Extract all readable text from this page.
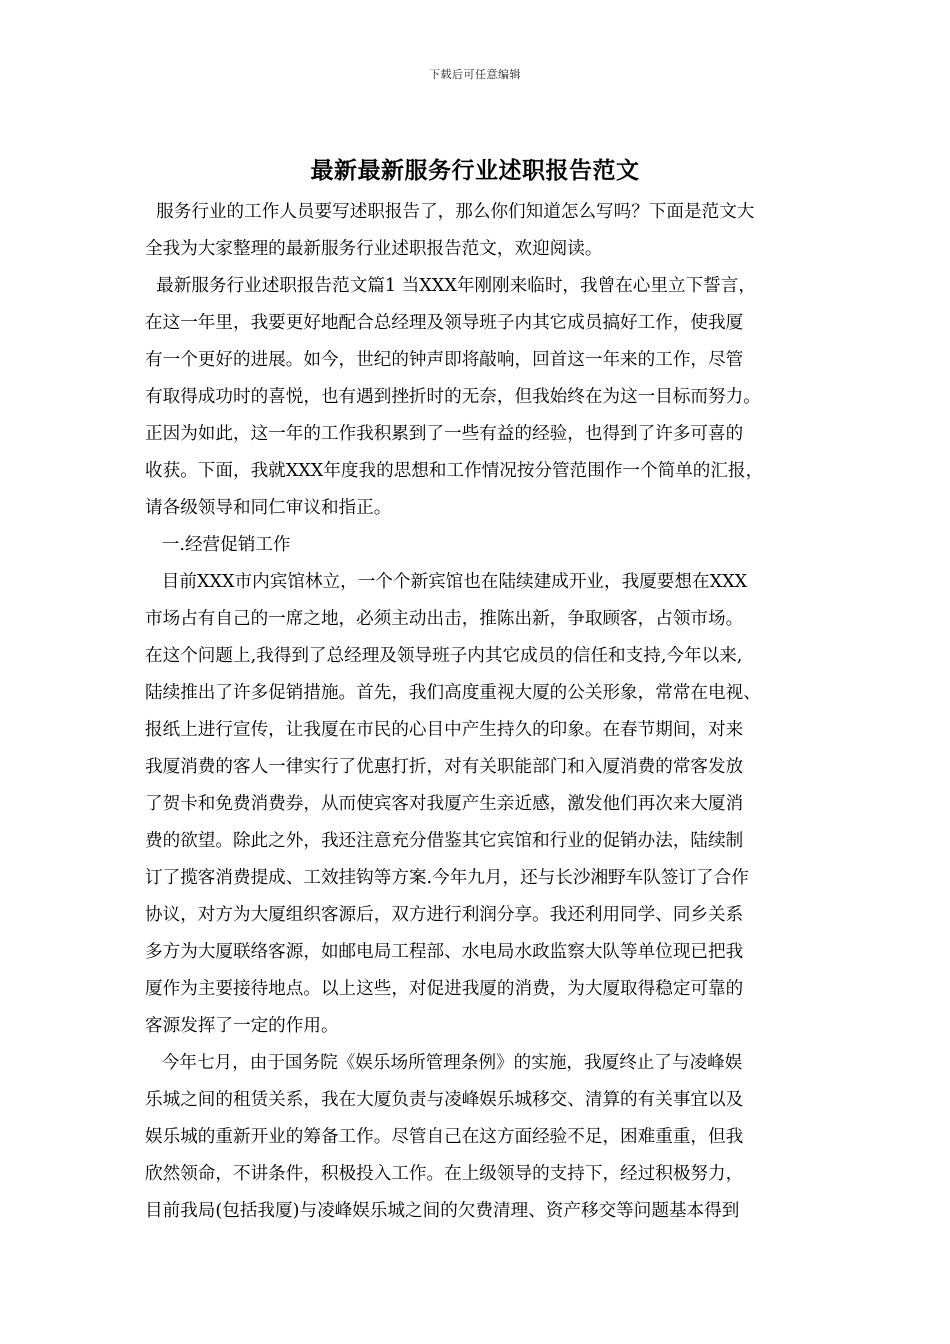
下载后可任意编辑
最新最新服务行业述职报告范文
服务行业的工作人员要写述职报告了，那么你们知道怎么写吗？下面是范文大
全我为大家整理的最新服务行业述职报告范文，欢迎阅读。
最新服务行业述职报告范文篇1 当XXX年刚刚来临时，我曾在心里立下誓言，
在这一年里，我要更好地配合总经理及领导班子内其它成员搞好工作，使我厦
有一个更好的进展。如今，世纪的钟声即将敲响，回首这一年来的工作，尽管
有取得成功时的喜悦，也有遇到挫折时的无奈，但我始终在为这一目标而努力。
正因为如此，这一年的工作我积累到了一些有益的经验，也得到了许多可喜的
收获。下面，我就XXX年度我的思想和工作情况按分管范围作一个简单的汇报，
请各级领导和同仁审议和指正。
一.经营促销工作
目前XXX市内宾馆林立，一个个新宾馆也在陆续建成开业，我厦要想在XXX
市场占有自己的一席之地，必须主动出击，推陈出新，争取顾客，占领市场。
在这个问题上,我得到了总经理及领导班子内其它成员的信任和支持,今年以来,
陆续推出了许多促销措施。首先，我们高度重视大厦的公关形象，常常在电视、
报纸上进行宣传，让我厦在市民的心目中产生持久的印象。在春节期间，对来
我厦消费的客人一律实行了优惠打折，对有关职能部门和入厦消费的常客发放
了贺卡和免费消费券，从而使宾客对我厦产生亲近感，激发他们再次来大厦消
费的欲望。除此之外，我还注意充分借鉴其它宾馆和行业的促销办法，陆续制
订了揽客消费提成、工效挂钩等方案.今年九月，还与长沙湘野车队签订了合作
协议，对方为大厦组织客源后，双方进行利润分享。我还利用同学、同乡关系
多方为大厦联络客源，如邮电局工程部、水电局水政监察大队等单位现已把我
厦作为主要接待地点。以上这些，对促进我厦的消费，为大厦取得稳定可靠的
客源发挥了一定的作用。
今年七月，由于国务院《娱乐场所管理条例》的实施，我厦终止了与凌峰娱
乐城之间的租赁关系，我在大厦负责与凌峰娱乐城移交、清算的有关事宜以及
娱乐城的重新开业的筹备工作。尽管自己在这方面经验不足，困难重重，但我
欣然领命，不讲条件，积极投入工作。在上级领导的支持下，经过积极努力，
目前我局(包括我厦)与凌峰娱乐城之间的欠费清理、资产移交等问题基本得到
